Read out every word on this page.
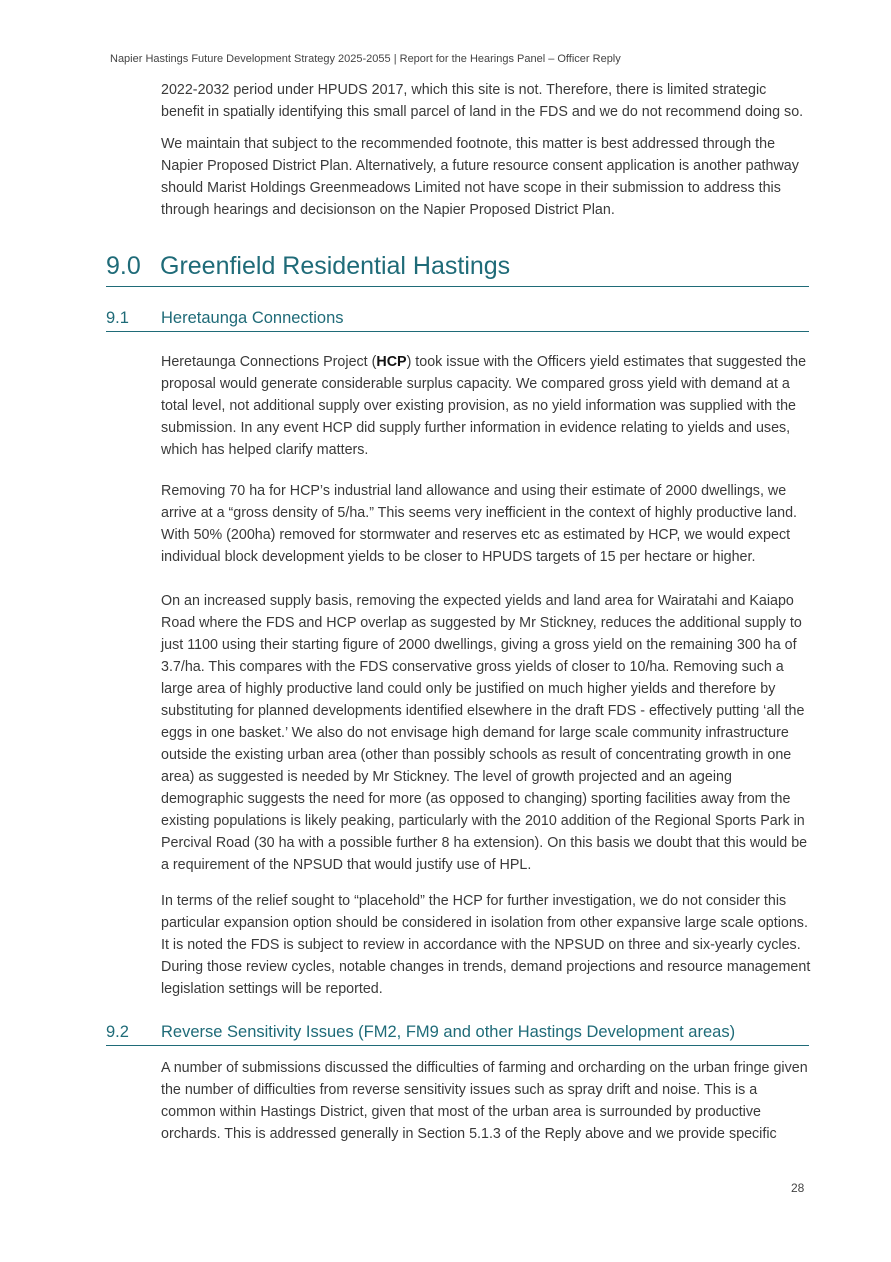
Napier Hastings Future Development Strategy 2025-2055 | Report for the Hearings Panel – Officer Reply

2022-2032 period under HPUDS 2017, which this site is not. Therefore, there is limited strategic benefit in spatially identifying this small parcel of land in the FDS and we do not recommend doing so.

We maintain that subject to the recommended footnote, this matter is best addressed through the Napier Proposed District Plan. Alternatively, a future resource consent application is another pathway should Marist Holdings Greenmeadows Limited not have scope in their submission to address this through hearings and decisionson on the Napier Proposed District Plan.

9.0 Greenfield Residential Hastings
9.1 Heretaunga Connections

Heretaunga Connections Project (HCP) took issue with the Officers yield estimates that suggested the proposal would generate considerable surplus capacity. We compared gross yield with demand at a total level, not additional supply over existing provision, as no yield information was supplied with the submission. In any event HCP did supply further information in evidence relating to yields and uses, which has helped clarify matters.

Removing 70 ha for HCP’s industrial land allowance and using their estimate of 2000 dwellings, we arrive at a “gross density of 5/ha.” This seems very inefficient in the context of highly productive land. With 50% (200ha) removed for stormwater and reserves etc as estimated by HCP, we would expect individual block development yields to be closer to HPUDS targets of 15 per hectare or higher.

On an increased supply basis, removing the expected yields and land area for Wairatahi and Kaiapo Road where the FDS and HCP overlap as suggested by Mr Stickney, reduces the additional supply to just 1100 using their starting figure of 2000 dwellings, giving a gross yield on the remaining 300 ha of 3.7/ha. This compares with the FDS conservative gross yields of closer to 10/ha. Removing such a large area of highly productive land could only be justified on much higher yields and therefore by substituting for planned developments identified elsewhere in the draft FDS - effectively putting ‘all the eggs in one basket.’ We also do not envisage high demand for large scale community infrastructure outside the existing urban area (other than possibly schools as result of concentrating growth in one area) as suggested is needed by Mr Stickney. The level of growth projected and an ageing demographic suggests the need for more (as opposed to changing) sporting facilities away from the existing populations is likely peaking, particularly with the 2010 addition of the Regional Sports Park in Percival Road (30 ha with a possible further 8 ha extension). On this basis we doubt that this would be a requirement of the NPSUD that would justify use of HPL.

In terms of the relief sought to “placehold” the HCP for further investigation, we do not consider this particular expansion option should be considered in isolation from other expansive large scale options. It is noted the FDS is subject to review in accordance with the NPSUD on three and six-yearly cycles. During those review cycles, notable changes in trends, demand projections and resource management legislation settings will be reported.

9.2 Reverse Sensitivity Issues (FM2, FM9 and other Hastings Development areas)

A number of submissions discussed the difficulties of farming and orcharding on the urban fringe given the number of difficulties from reverse sensitivity issues such as spray drift and noise. This is a common within Hastings District, given that most of the urban area is surrounded by productive orchards. This is addressed generally in Section 5.1.3 of the Reply above and we provide specific

28
